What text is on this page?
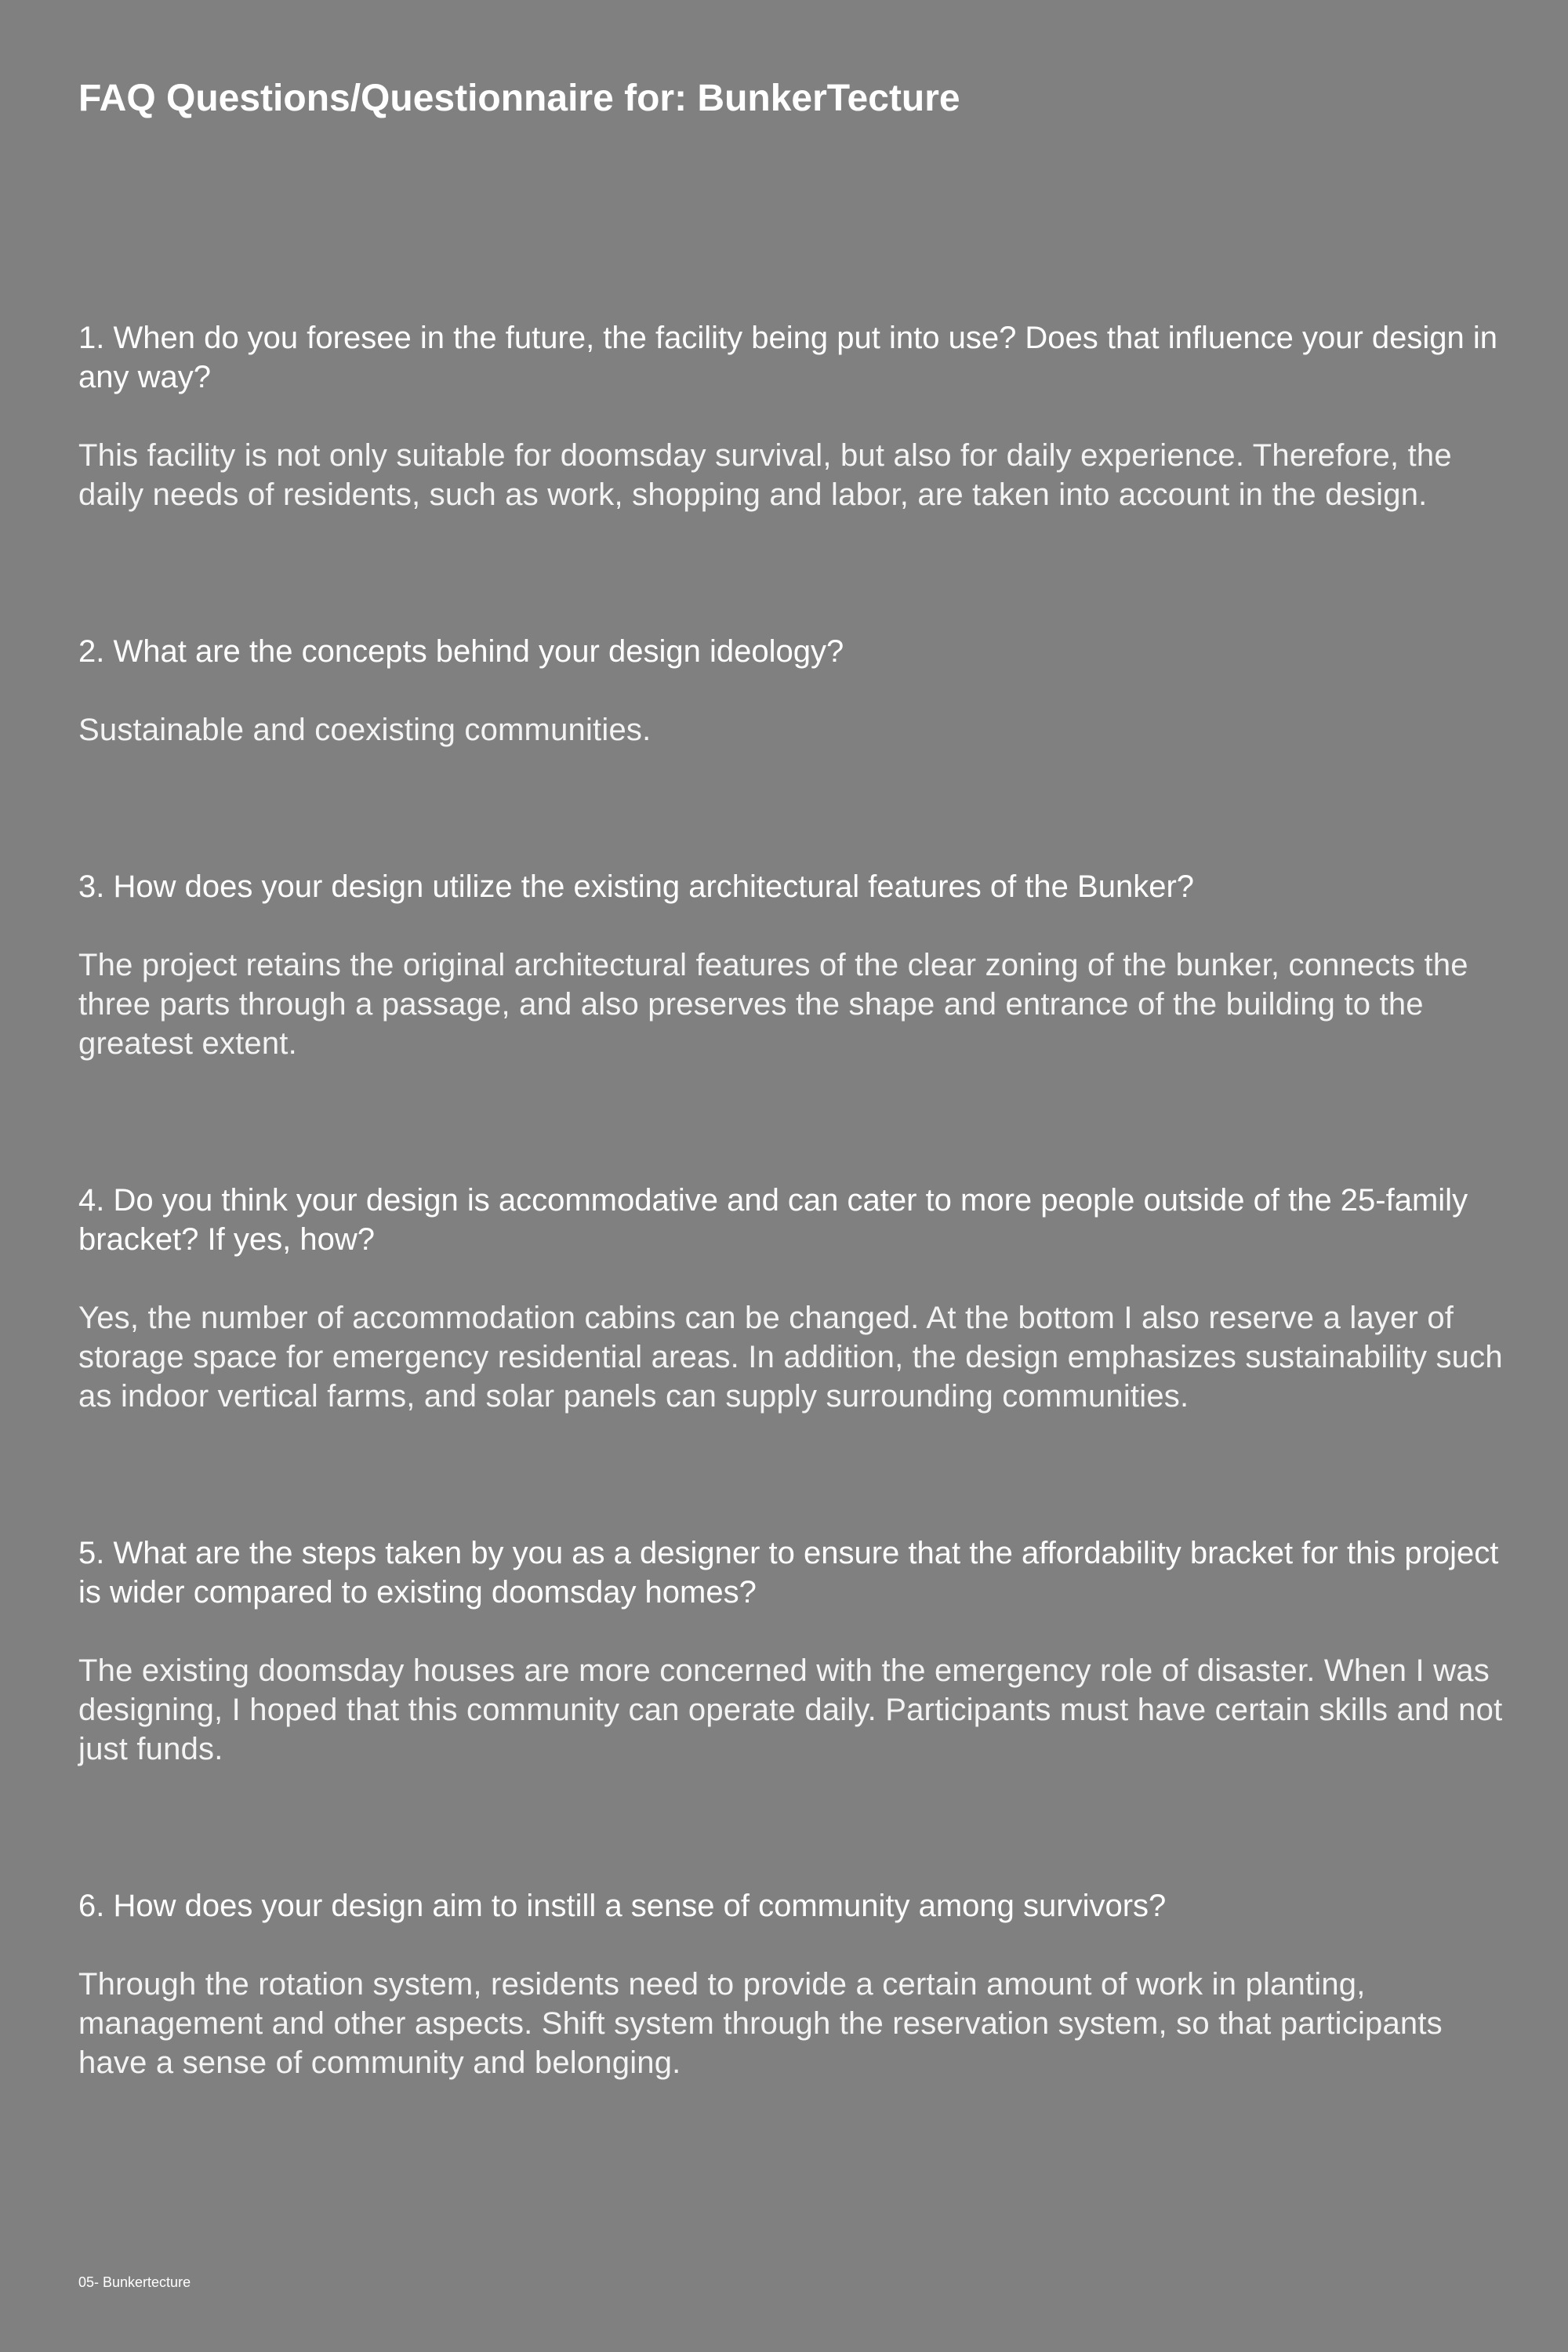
FAQ Questions/Questionnaire for: BunkerTecture

1. When do you foresee in the future, the facility being put into use? Does that influence your design in any way?

This facility is not only suitable for doomsday survival, but also for daily experience. Therefore, the daily needs of residents, such as work, shopping and labor, are taken into account in the design.

2. What are the concepts behind your design ideology?

Sustainable and coexisting communities.

3. How does your design utilize the existing architectural features of the Bunker?

The project retains the original architectural features of the clear zoning of the bunker, connects the three parts through a passage, and also preserves the shape and entrance of the building to the greatest extent.

4. Do you think your design is accommodative and can cater to more people outside of the 25-family bracket? If yes, how?

Yes, the number of accommodation cabins can be changed. At the bottom I also reserve a layer of storage space for emergency residential areas. In addition, the design emphasizes sustainability such as indoor vertical farms, and solar panels can supply surrounding communities.

5. What are the steps taken by you as a designer to ensure that the affordability bracket for this project is wider compared to existing doomsday homes?

The existing doomsday houses are more concerned with the emergency role of disaster. When I was designing, I hoped that this community can operate daily. Participants must have certain skills and not just funds.

6. How does your design aim to instill a sense of community among survivors?

Through the rotation system, residents need to provide a certain amount of work in planting, management and other aspects. Shift system through the reservation system, so that participants have a sense of community and belonging.

05- Bunkertecture
